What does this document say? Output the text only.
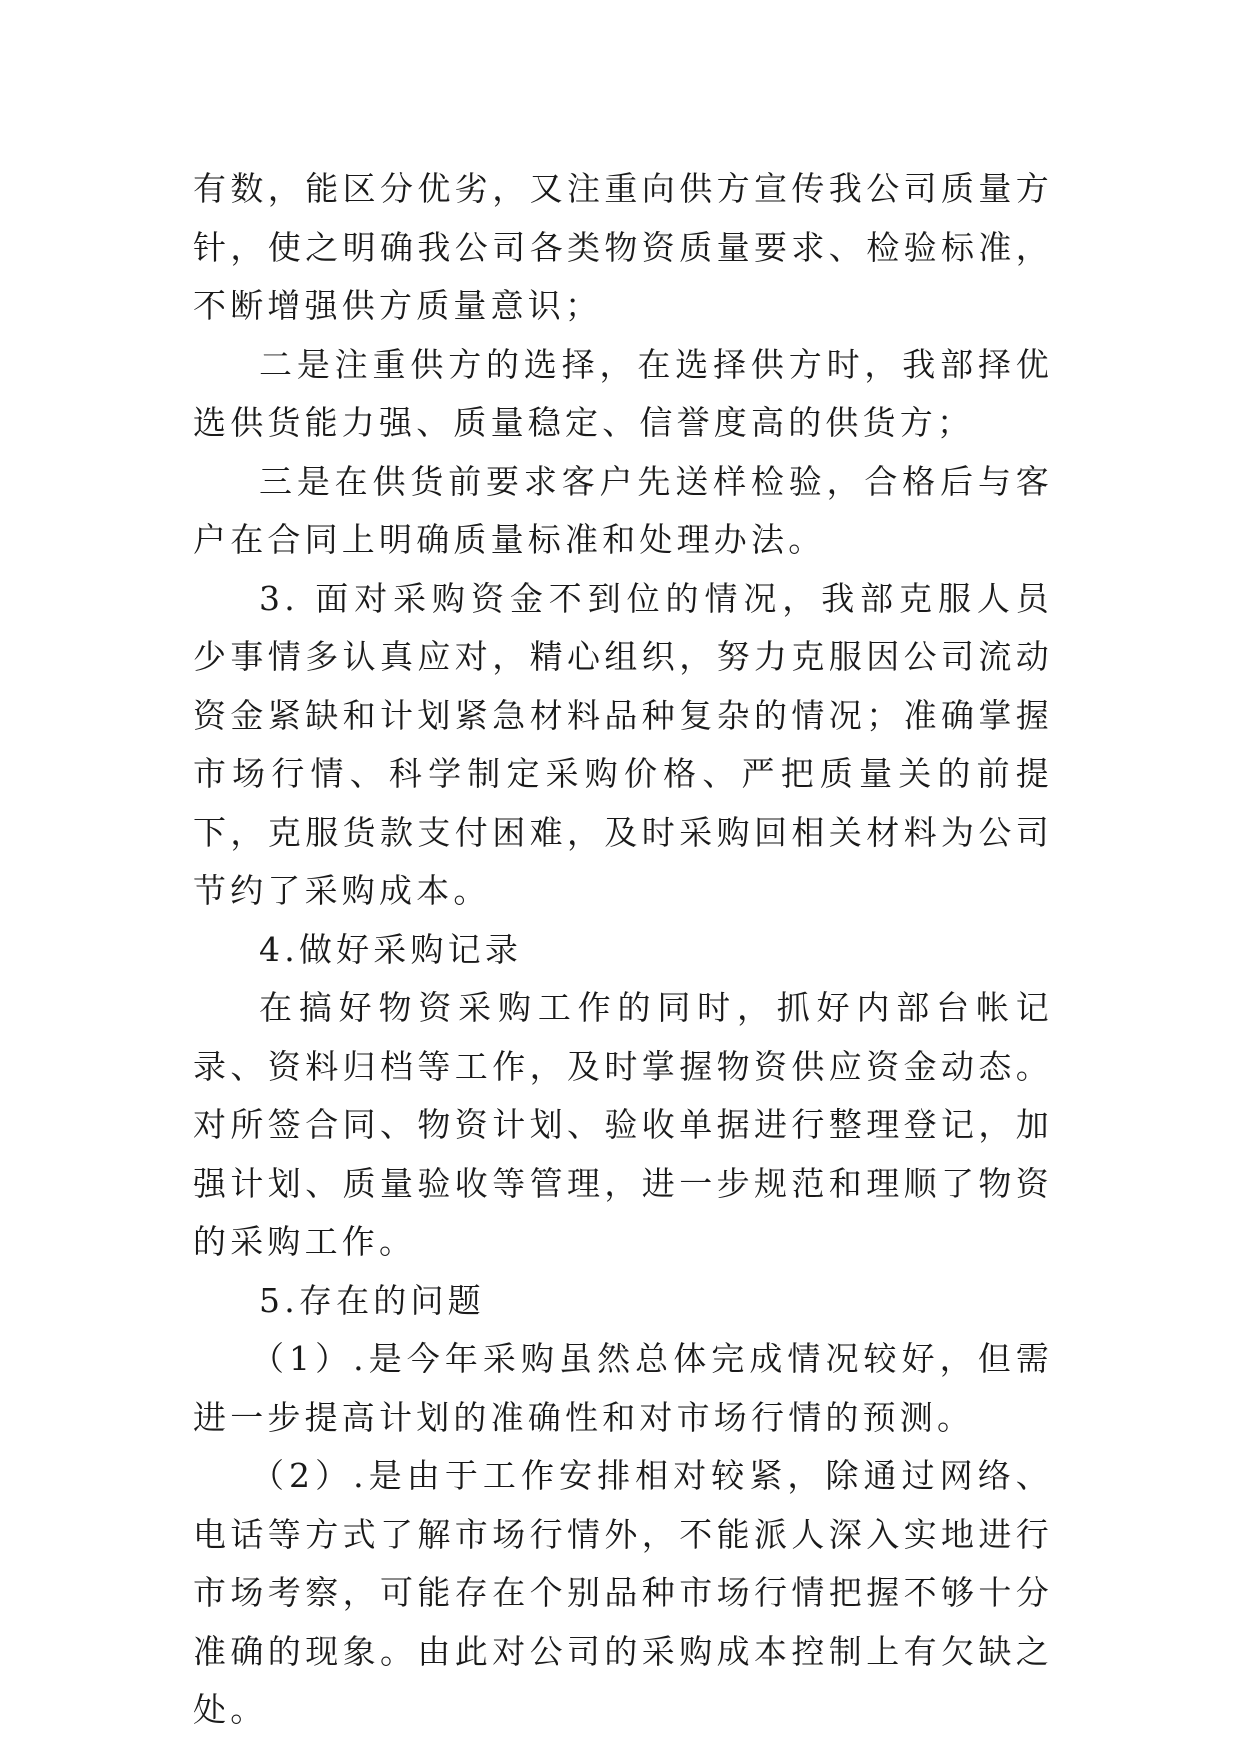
有数，能区分优劣，又注重向供方宣传我公司质量方针，使之明确我公司各类物资质量要求、检验标准，不断增强供方质量意识；

二是注重供方的选择，在选择供方时，我部择优选供货能力强、质量稳定、信誉度高的供货方；

三是在供货前要求客户先送样检验，合格后与客户在合同上明确质量标准和处理办法。

3. 面对采购资金不到位的情况，我部克服人员少事情多认真应对，精心组织，努力克服因公司流动资金紧缺和计划紧急材料品种复杂的情况；准确掌握市场行情、科学制定采购价格、严把质量关的前提下，克服货款支付困难，及时采购回相关材料为公司节约了采购成本。

4.做好采购记录

在搞好物资采购工作的同时，抓好内部台帐记录、资料归档等工作，及时掌握物资供应资金动态。对所签合同、物资计划、验收单据进行整理登记，加强计划、质量验收等管理，进一步规范和理顺了物资的采购工作。

5.存在的问题

（1）.是今年采购虽然总体完成情况较好，但需进一步提高计划的准确性和对市场行情的预测。

（2）.是由于工作安排相对较紧，除通过网络、电话等方式了解市场行情外，不能派人深入实地进行市场考察，可能存在个别品种市场行情把握不够十分准确的现象。由此对公司的采购成本控制上有欠缺之处。
